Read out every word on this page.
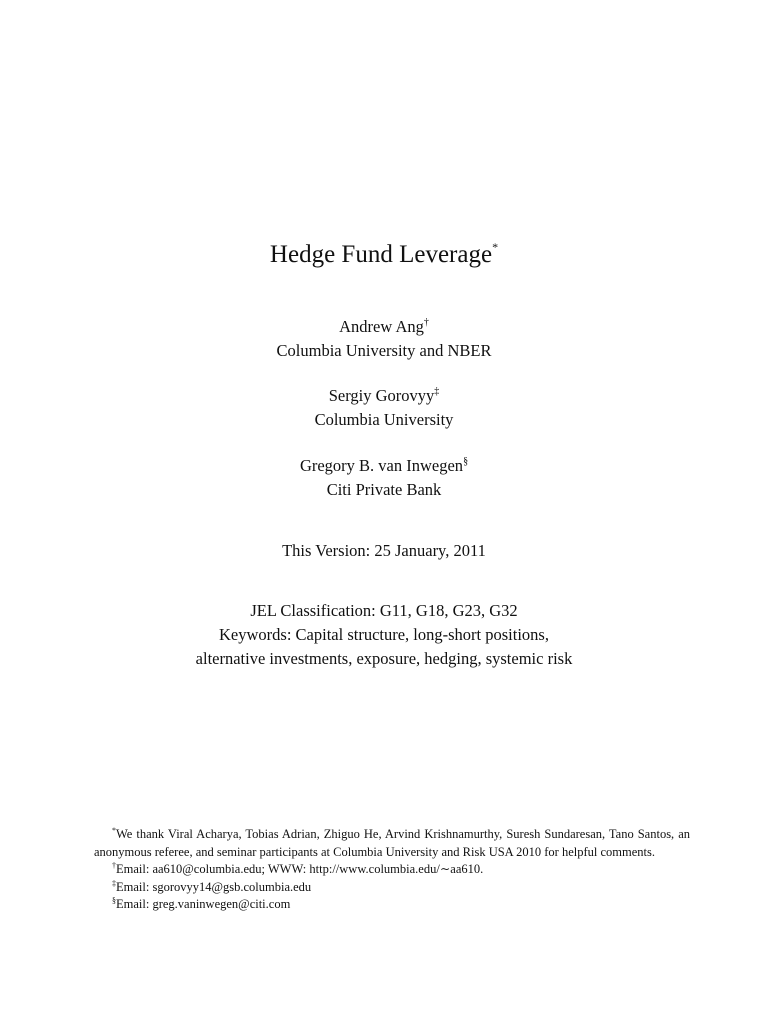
Hedge Fund Leverage*
Andrew Ang†
Columbia University and NBER
Sergiy Gorovyy‡
Columbia University
Gregory B. van Inwegen§
Citi Private Bank
This Version: 25 January, 2011
JEL Classification: G11, G18, G23, G32
Keywords: Capital structure, long-short positions,
alternative investments, exposure, hedging, systemic risk
*We thank Viral Acharya, Tobias Adrian, Zhiguo He, Arvind Krishnamurthy, Suresh Sundaresan, Tano Santos, an anonymous referee, and seminar participants at Columbia University and Risk USA 2010 for helpful comments.
†Email: aa610@columbia.edu; WWW: http://www.columbia.edu/∼aa610.
‡Email: sgorovyy14@gsb.columbia.edu
§Email: greg.vaninwegen@citi.com
